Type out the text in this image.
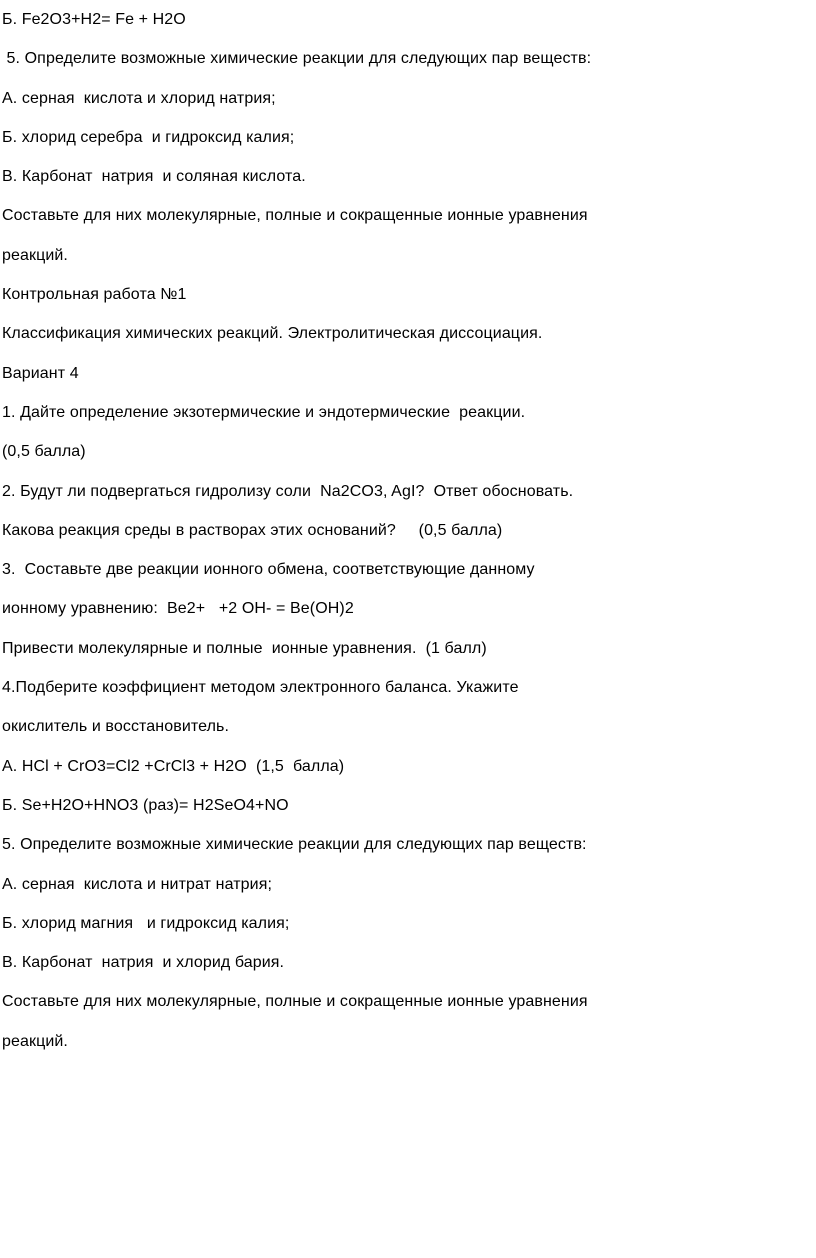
Б. Fe2O3+H2= Fe + H2O
5. Определите возможные химические реакции для следующих пар веществ:
А. серная  кислота и хлорид натрия;
Б. хлорид серебра  и гидроксид калия;
В. Карбонат  натрия  и соляная кислота.
Составьте для них молекулярные, полные и сокращенные ионные уравнения
реакций.
Контрольная работа №1
Классификация химических реакций. Электролитическая диссоциация.
Вариант 4
1. Дайте определение экзотермические и эндотермические  реакции.
(0,5 балла)
2. Будут ли подвергаться гидролизу соли  Na2CO3, AgI?  Ответ обосновать.
Какова реакция среды в растворах этих оснований?     (0,5 балла)
3.  Составьте две реакции ионного обмена, соответствующие данному
ионному уравнению:  Be2+   +2 OH- = Be(OH)2
Привести молекулярные и полные  ионные уравнения.  (1 балл)
4.Подберите коэффициент методом электронного баланса. Укажите
окислитель и восстановитель.
А. HCl + CrO3=Cl2 +CrCl3 + H2O  (1,5  балла)
Б. Se+H2O+HNO3 (раз)= H2SeO4+NO
5. Определите возможные химические реакции для следующих пар веществ:
А. серная  кислота и нитрат натрия;
Б. хлорид магния   и гидроксид калия;
В. Карбонат  натрия  и хлорид бария.
Составьте для них молекулярные, полные и сокращенные ионные уравнения
реакций.
